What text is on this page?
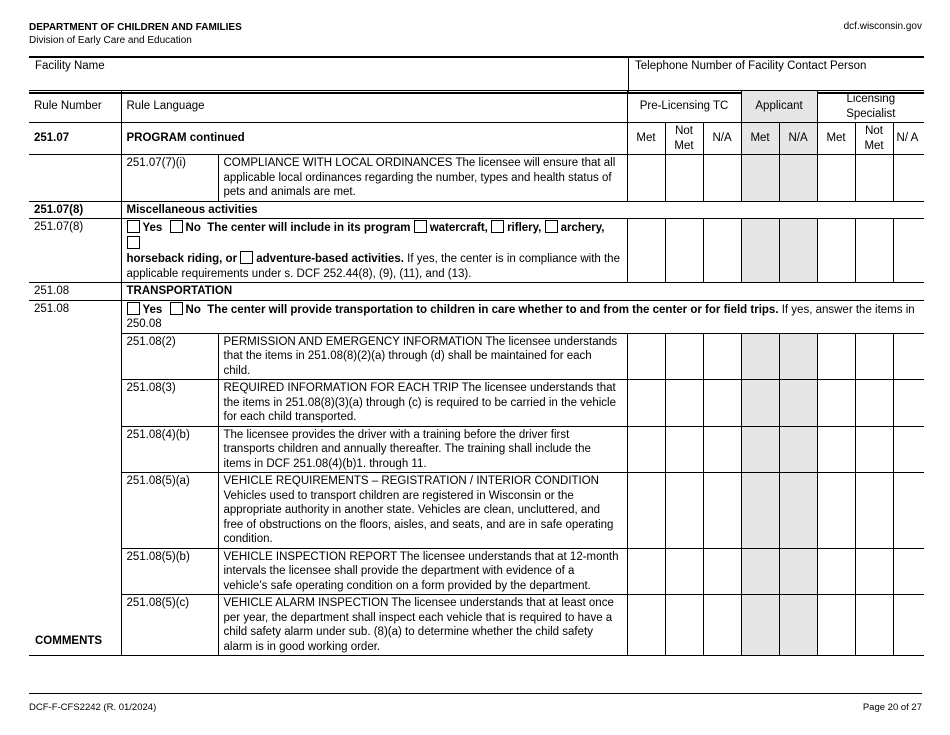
DEPARTMENT OF CHILDREN AND FAMILIES
Division of Early Care and Education
dcf.wisconsin.gov
Facility Name	Telephone Number of Facility Contact Person
Rule Number	Rule Language		Pre-Licensing TC			Applicant		Licensing Specialist		
251.07	PROGRAM continued		Met	Not Met	N/A	Met	N/A	Met	Not Met	N/ A
	251.07(7)(i)	COMPLIANCE WITH LOCAL ORDINANCES The licensee will ensure that all applicable local ordinances regarding the number, types and health status of pets and animals are met.								
251.07(8)	Miscellaneous activities									
251.07(8)	Yes No The center will include in its program watercraft, riflery, archery,
horseback riding, or adventure-based activities. If yes, the center is in compliance with the applicable requirements under s. DCF 252.44(8), (9), (11), and (13).									
251.08	TRANSPORTATION									
251.08	Yes No The center will provide transportation to children in care whether to and from the center or for field trips. If yes, answer the items in 250.08									
	251.08(2)	PERMISSION AND EMERGENCY INFORMATION The licensee understands that the items in 251.08(8)(2)(a) through (d) shall be maintained for each child.								
	251.08(3)	REQUIRED INFORMATION FOR EACH TRIP The licensee understands that the items in 251.08(8)(3)(a) through (c) is required to be carried in the vehicle for each child transported.								
	251.08(4)(b)	The licensee provides the driver with a training before the driver first transports children and annually thereafter. The training shall include the items in DCF 251.08(4)(b)1. through 11.								
	251.08(5)(a)	VEHICLE REQUIREMENTS – REGISTRATION / INTERIOR CONDITION Vehicles used to transport children are registered in Wisconsin or the appropriate authority in another state. Vehicles are clean, uncluttered, and free of obstructions on the floors, aisles, and seats, and are in safe operating condition.								
	251.08(5)(b)	VEHICLE INSPECTION REPORT The licensee understands that at 12-month intervals the licensee shall provide the department with evidence of a vehicle’s safe operating condition on a form provided by the department.								
	251.08(5)(c)	VEHICLE ALARM INSPECTION The licensee understands that at least once per year, the department shall inspect each vehicle that is required to have a child safety alarm under sub. (8)(a) to determine whether the child safety alarm is in good working order.								
COMMENTS
DCF-F-CFS2242 (R. 01/2024)	Page 20 of 27
